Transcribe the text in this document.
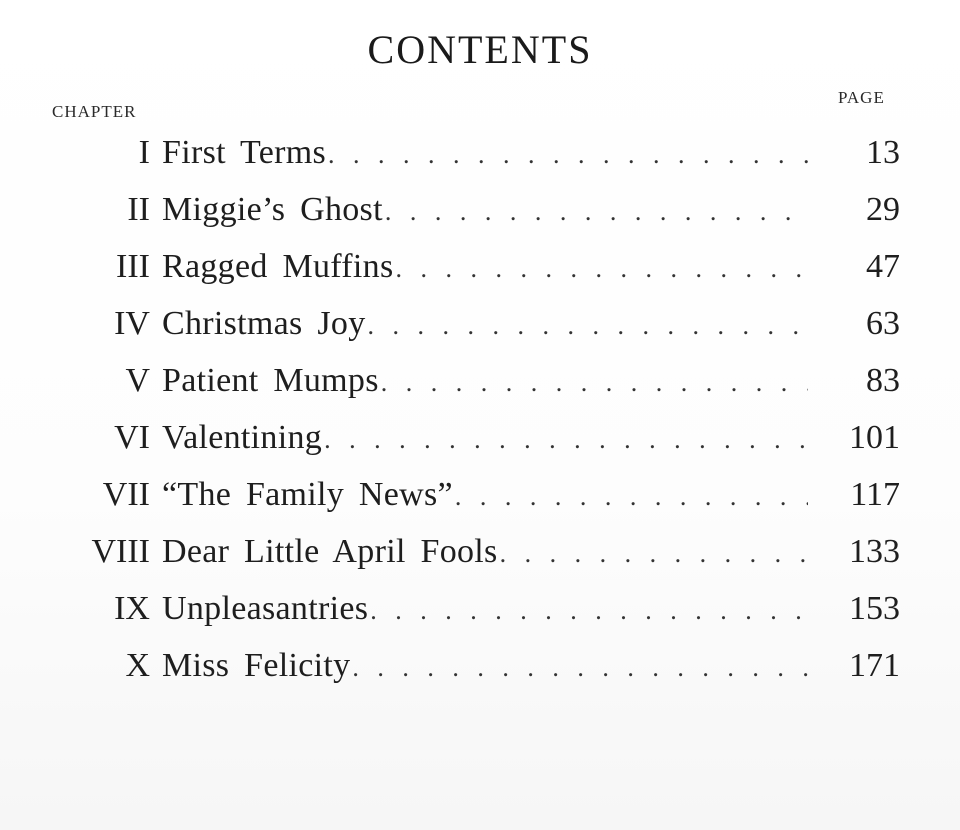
CONTENTS
CHAPTER
PAGE
I First Terms . . .	13
II Miggie’s Ghost . . .	29
III Ragged Muffins . . .	47
IV Christmas Joy . . .	63
V Patient Mumps . . .	83
VI Valentining . . .	101
VII “The Family News” . . .	117
VIII Dear Little April Fools . . .	133
IX Unpleasantries . . .	153
X Miss Felicity . . .	171
